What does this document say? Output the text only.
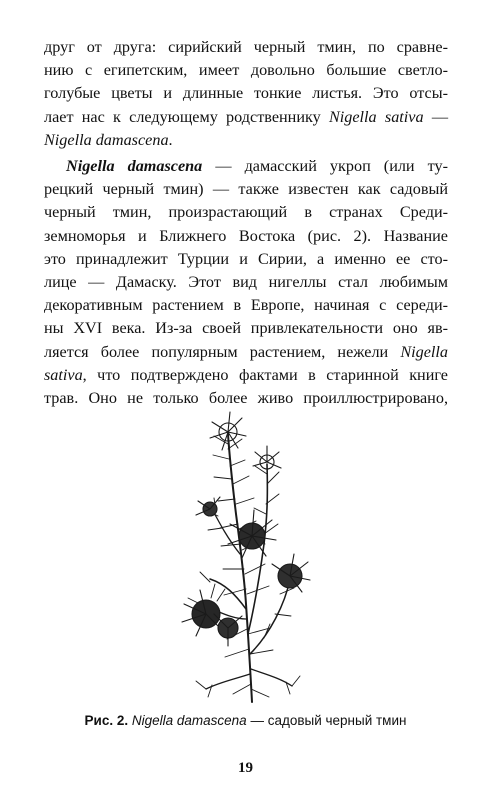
друг от друга: сирийский черный тмин, по сравне-
нию с египетским, имеет довольно большие светло-
голубые цветы и длинные тонкие листья. Это отсы-
лает нас к следующему родственнику Nigella sativa —
Nigella damascena.
Nigella damascena — дамасский укроп (или ту-
рецкий черный тмин) — также известен как садовый
черный тмин, произрастающий в странах Среди-
земноморья и Ближнего Востока (рис. 2). Название
это принадлежит Турции и Сирии, а именно ее сто-
лице — Дамаску. Этот вид нигеллы стал любимым
декоративным растением в Европе, начиная с середи-
ны XVI века. Из-за своей привлекательности оно яв-
ляется более популярным растением, нежели Nigella
sativa, что подтверждено фактами в старинной книге
трав. Оно не только более живо проиллюстрировано,
Рис. 2. Nigella damascena — садовый черный тмин
19
